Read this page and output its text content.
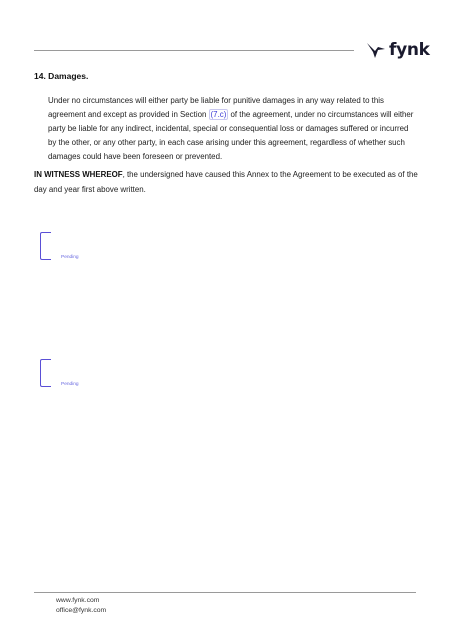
fynk
14. Damages.

Under no circumstances will either party be liable for punitive damages in any way related to this agreement and except as provided in Section (7.c) of the agreement, under no circumstances will either party be liable for any indirect, incidental, special or consequential loss or damages suffered or incurred by the other, or any other party, in each case arising under this agreement, regardless of whether such damages could have been foreseen or prevented.

IN WITNESS WHEREOF, the undersigned have caused this Annex to the Agreement to be executed as of the day and year first above written.

Pending
Pending
www.fynk.com
office@fynk.com
